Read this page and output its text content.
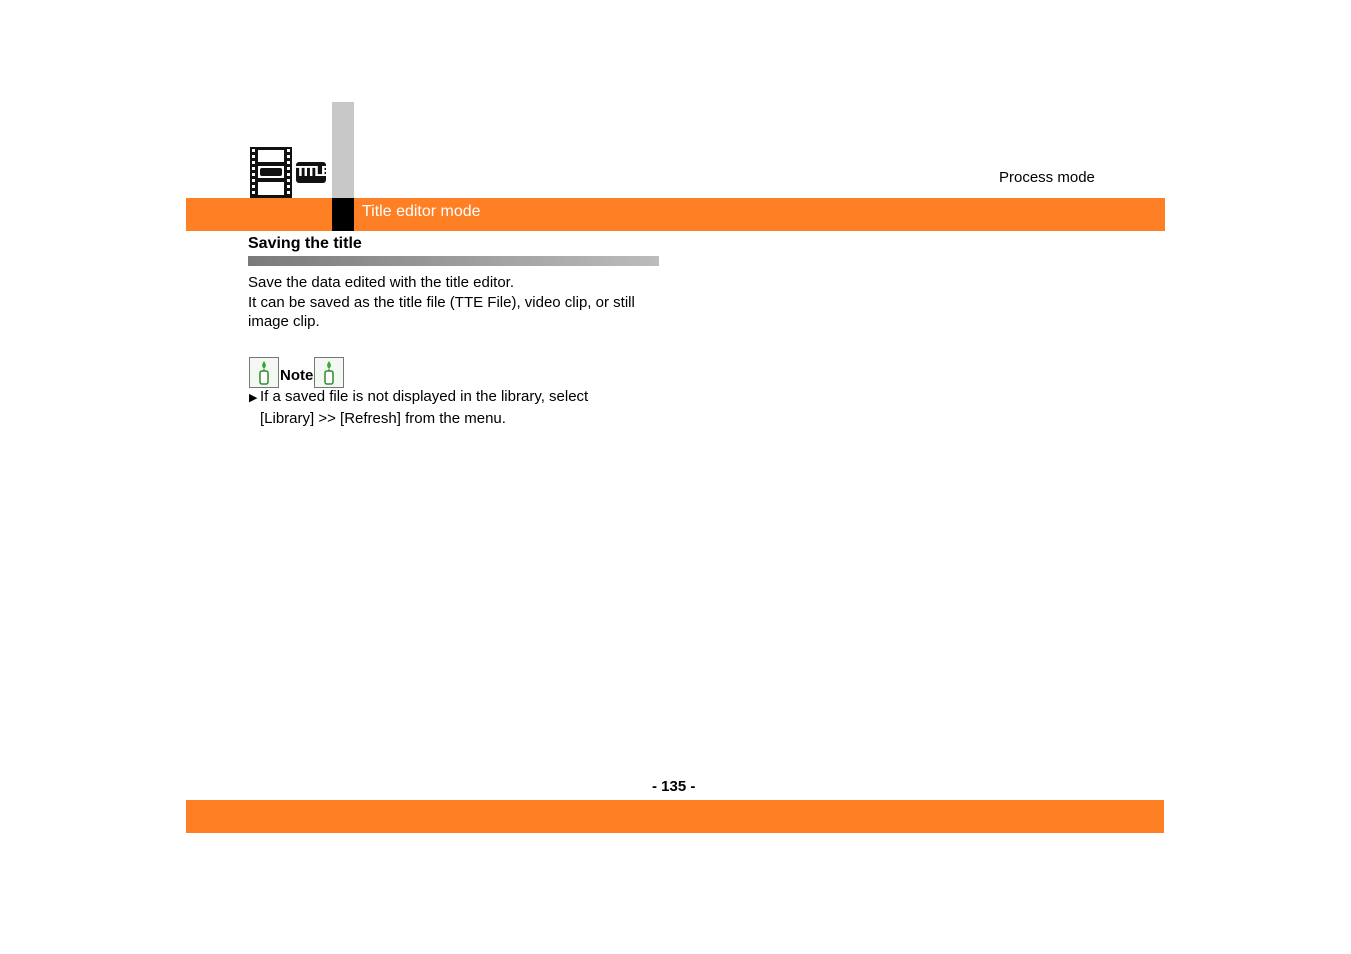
Title editor mode
Process mode
TITLE
Saving the title
Save the data edited with the title editor.
It can be saved as the title file (TTE File), video clip, or still
image clip.
Note
▶ If a saved file is not displayed in the library, select
[Library] >> [Refresh] from the menu.
- 135 -
